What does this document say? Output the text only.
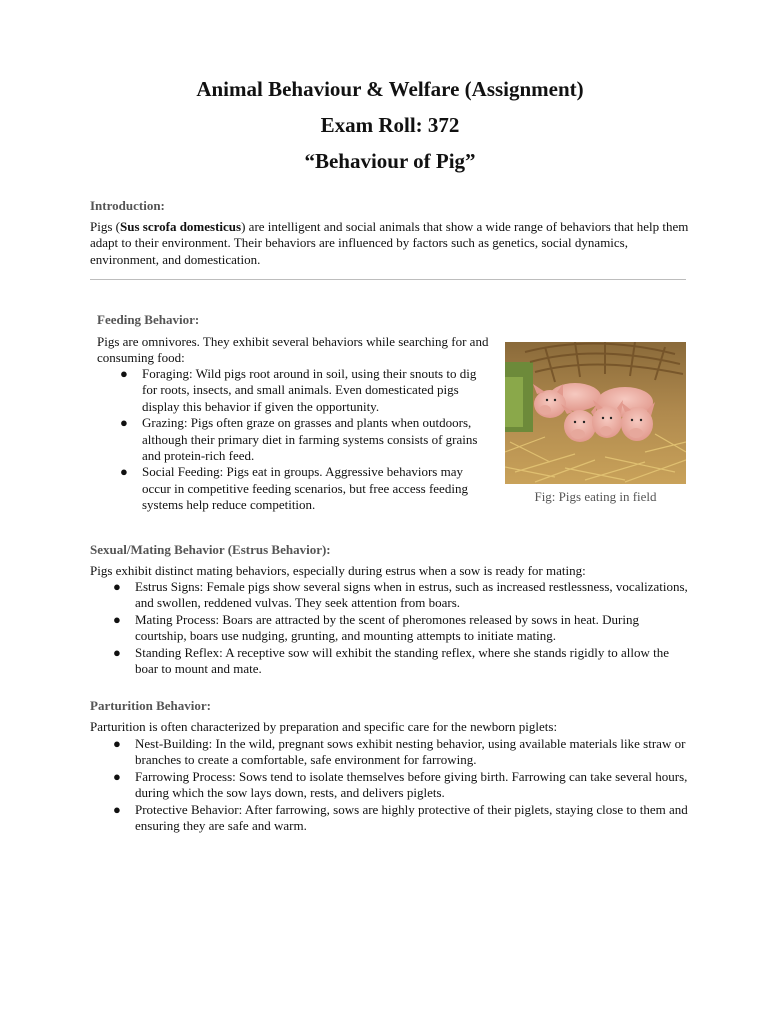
Animal Behaviour & Welfare (Assignment)
Exam Roll: 372
“Behaviour of Pig”
Introduction:
Pigs (Sus scrofa domesticus) are intelligent and social animals that show a wide range of behaviors that help them adapt to their environment. Their behaviors are influenced by factors such as genetics, social dynamics, environment, and domestication.
Feeding Behavior:
Pigs are omnivores. They exhibit several behaviors while searching for and consuming food:
●	Foraging: Wild pigs root around in soil, using their snouts to dig for roots, insects, and small animals. Even domesticated pigs display this behavior if given the opportunity.
●	Grazing: Pigs often graze on grasses and plants when outdoors, although their primary diet in farming systems consists of grains and protein-rich feed.
●	Social Feeding: Pigs eat in groups. Aggressive behaviors may occur in competitive feeding scenarios, but free access feeding systems help reduce competition.
Fig: Pigs eating in field
Sexual/Mating Behavior (Estrus Behavior):
Pigs exhibit distinct mating behaviors, especially during estrus when a sow is ready for mating:
●	Estrus Signs: Female pigs show several signs when in estrus, such as increased restlessness, vocalizations, and swollen, reddened vulvas. They seek attention from boars.
●	Mating Process: Boars are attracted by the scent of pheromones released by sows in heat. During courtship, boars use nudging, grunting, and mounting attempts to initiate mating.
●	Standing Reflex: A receptive sow will exhibit the standing reflex, where she stands rigidly to allow the boar to mount and mate.
Parturition Behavior:
Parturition is often characterized by preparation and specific care for the newborn piglets:
●	Nest-Building: In the wild, pregnant sows exhibit nesting behavior, using available materials like straw or branches to create a comfortable, safe environment for farrowing.
●	Farrowing Process: Sows tend to isolate themselves before giving birth. Farrowing can take several hours, during which the sow lays down, rests, and delivers piglets.
●	Protective Behavior: After farrowing, sows are highly protective of their piglets, staying close to them and ensuring they are safe and warm.
